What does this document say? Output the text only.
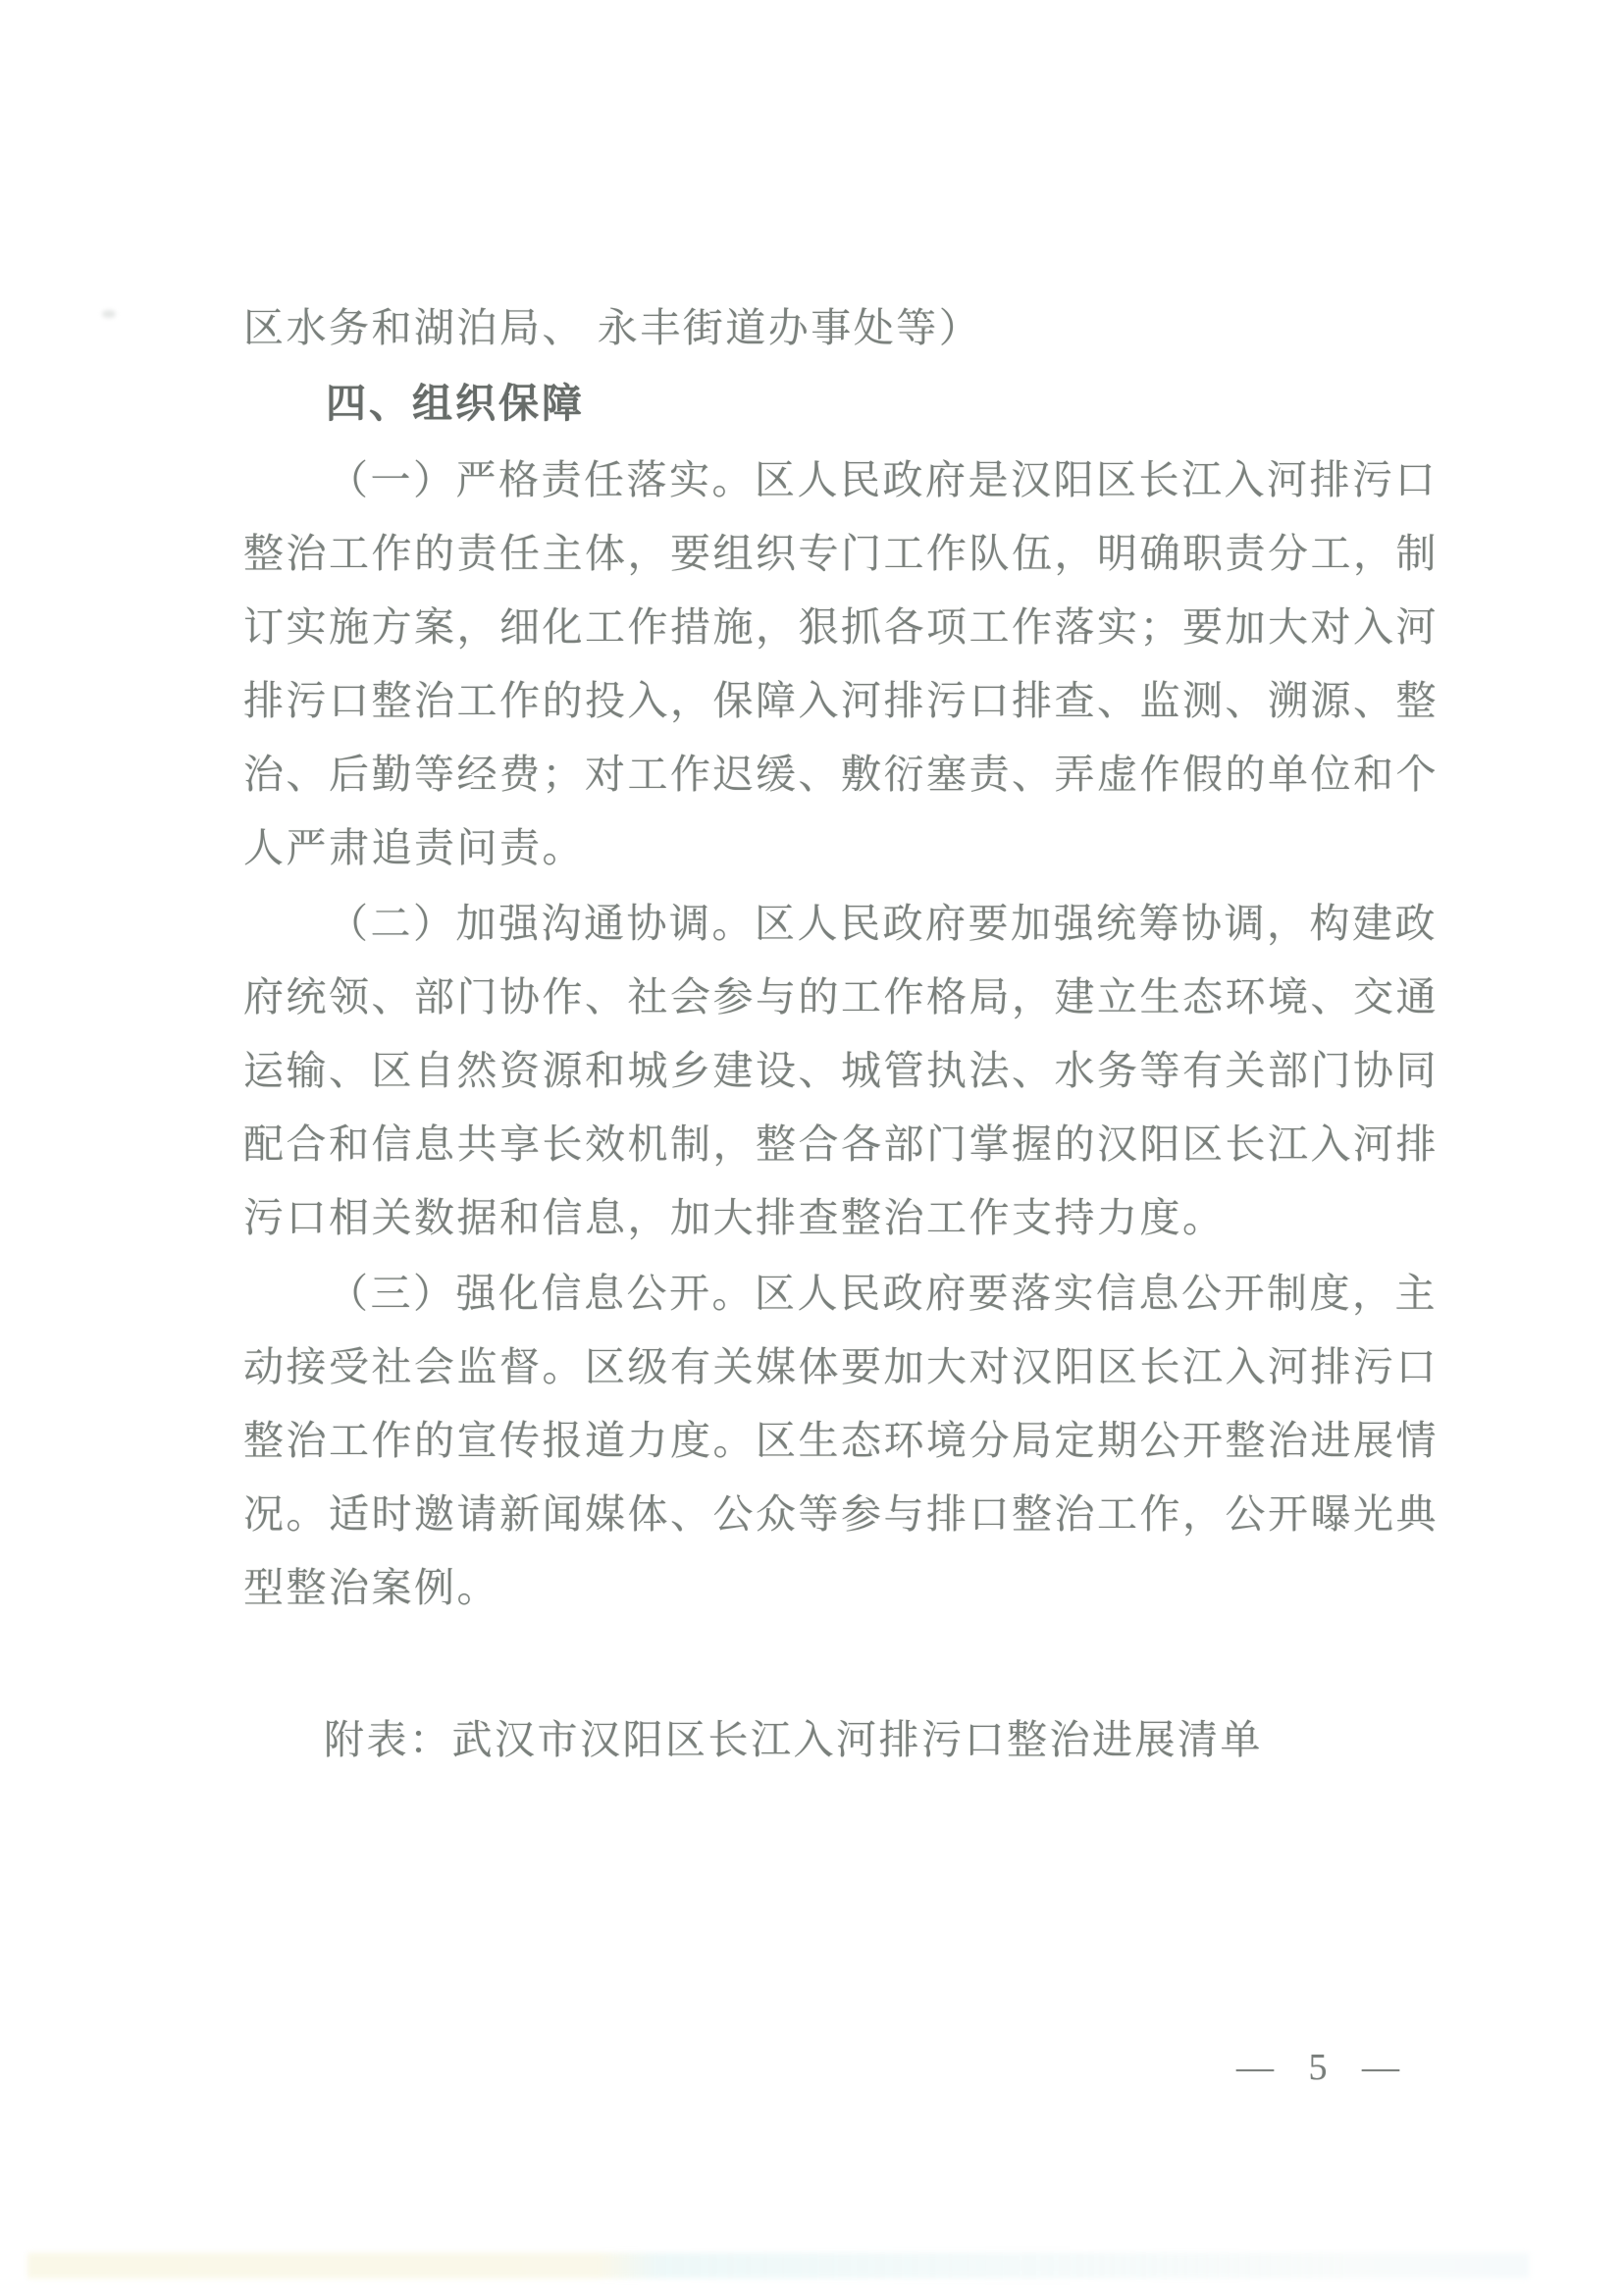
区水务和湖泊局、 永丰街道办事处等）
四、组织保障
（一）严格责任落实。区人民政府是汉阳区长江入河排污口
整治工作的责任主体，要组织专门工作队伍，明确职责分工，制
订实施方案，细化工作措施，狠抓各项工作落实；要加大对入河
排污口整治工作的投入，保障入河排污口排查、监测、溯源、整
治、后勤等经费；对工作迟缓、敷衍塞责、弄虚作假的单位和个
人严肃追责问责。
（二）加强沟通协调。区人民政府要加强统筹协调，构建政
府统领、部门协作、社会参与的工作格局，建立生态环境、交通
运输、区自然资源和城乡建设、城管执法、水务等有关部门协同
配合和信息共享长效机制，整合各部门掌握的汉阳区长江入河排
污口相关数据和信息，加大排查整治工作支持力度。
（三）强化信息公开。区人民政府要落实信息公开制度，主
动接受社会监督。区级有关媒体要加大对汉阳区长江入河排污口
整治工作的宣传报道力度。区生态环境分局定期公开整治进展情
况。适时邀请新闻媒体、公众等参与排口整治工作，公开曝光典
型整治案例。
附表：武汉市汉阳区长江入河排污口整治进展清单
— 5 —
